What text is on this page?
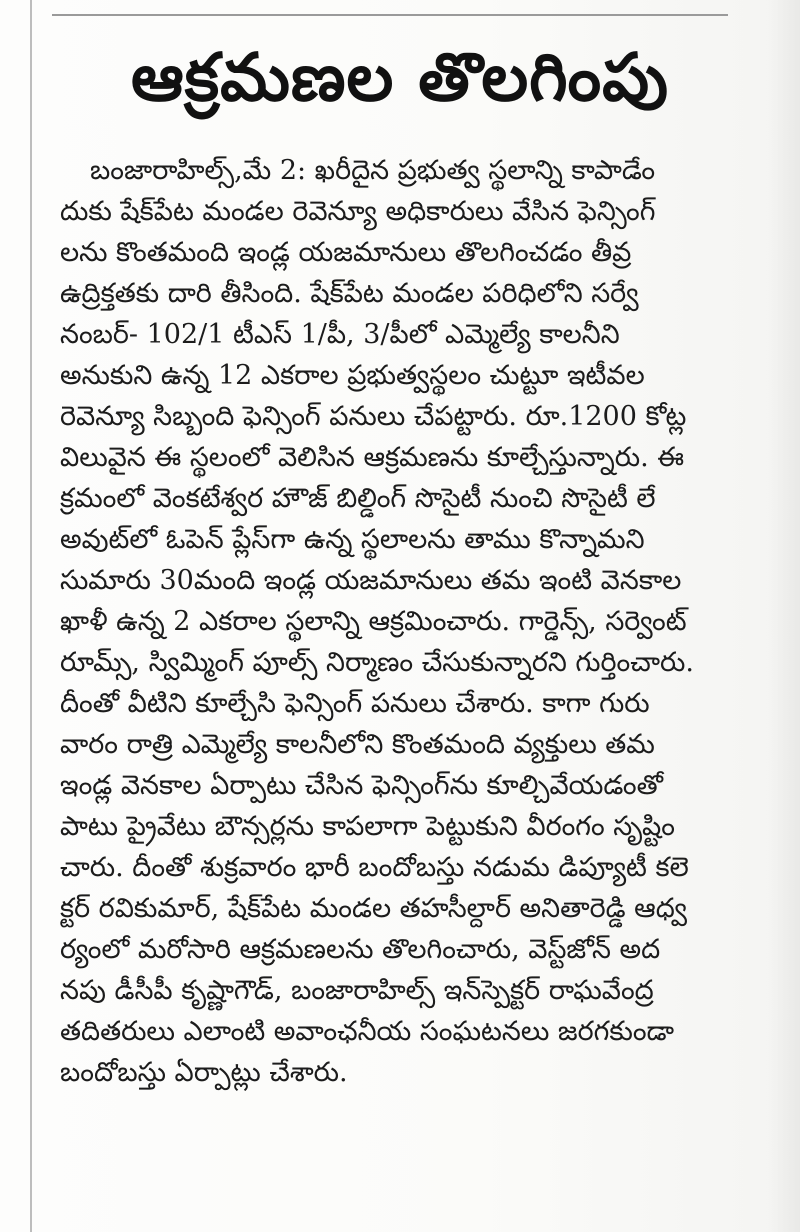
ఆక్రమణల తొలగింపు
బంజారాహిల్స్,మే 2: ఖరీదైన ప్రభుత్వ స్థలాన్ని కాపాడేం
దుకు షేక్‌పేట మండల రెవెన్యూ అధికారులు వేసిన ఫెన్సింగ్
లను కొంతమంది ఇండ్ల యజమానులు తొలగించడం తీవ్ర
ఉద్రిక్తతకు దారి తీసింది. షేక్‌పేట మండల పరిధిలోని సర్వే
నంబర్- 102/1 టీఎస్ 1/పీ, 3/పీలో ఎమ్మెల్యే కాలనీని
అనుకుని ఉన్న 12 ఎకరాల ప్రభుత్వస్థలం చుట్టూ ఇటీవల
రెవెన్యూ సిబ్బంది ఫెన్సింగ్ పనులు చేపట్టారు. రూ.1200 కోట్ల
విలువైన ఈ స్థలంలో వెలిసిన ఆక్రమణను కూల్చేస్తున్నారు. ఈ
క్రమంలో వెంకటేశ్వర హౌజ్ బిల్డింగ్ సొసైటీ నుంచి సొసైటీ లే
అవుట్‌లో ఓపెన్ ప్లేస్‌గా ఉన్న స్థలాలను తాము కొన్నామని
సుమారు 30మంది ఇండ్ల యజమానులు తమ ఇంటి వెనకాల
ఖాళీ ఉన్న 2 ఎకరాల స్థలాన్ని ఆక్రమించారు. గార్డెన్స్, సర్వెంట్
రూమ్స్, స్విమ్మింగ్ పూల్స్ నిర్మాణం చేసుకున్నారని గుర్తించారు.
దీంతో వీటిని కూల్చేసి ఫెన్సింగ్ పనులు చేశారు. కాగా గురు
వారం రాత్రి ఎమ్మెల్యే కాలనీలోని కొంతమంది వ్యక్తులు తమ
ఇండ్ల వెనకాల ఏర్పాటు చేసిన ఫెన్సింగ్‌ను కూల్చివేయడంతో
పాటు ప్రైవేటు బౌన్సర్లను కాపలాగా పెట్టుకుని వీరంగం సృష్టిం
చారు. దీంతో శుక్రవారం భారీ బందోబస్తు నడుమ డిప్యూటీ కలె
క్టర్ రవికుమార్, షేక్‌పేట మండల తహసీల్దార్ అనితారెడ్డి ఆధ్వ
ర్యంలో మరోసారి ఆక్రమణలను తొలగించారు, వెస్ట్‌జోన్ అద
నపు డీసీపీ కృష్ణాగౌడ్, బంజారాహిల్స్ ఇన్‌స్పెక్టర్ రాఘవేంద్ర
తదితరులు ఎలాంటి అవాంఛనీయ సంఘటనలు జరగకుండా
బందోబస్తు ఏర్పాట్లు చేశారు.
